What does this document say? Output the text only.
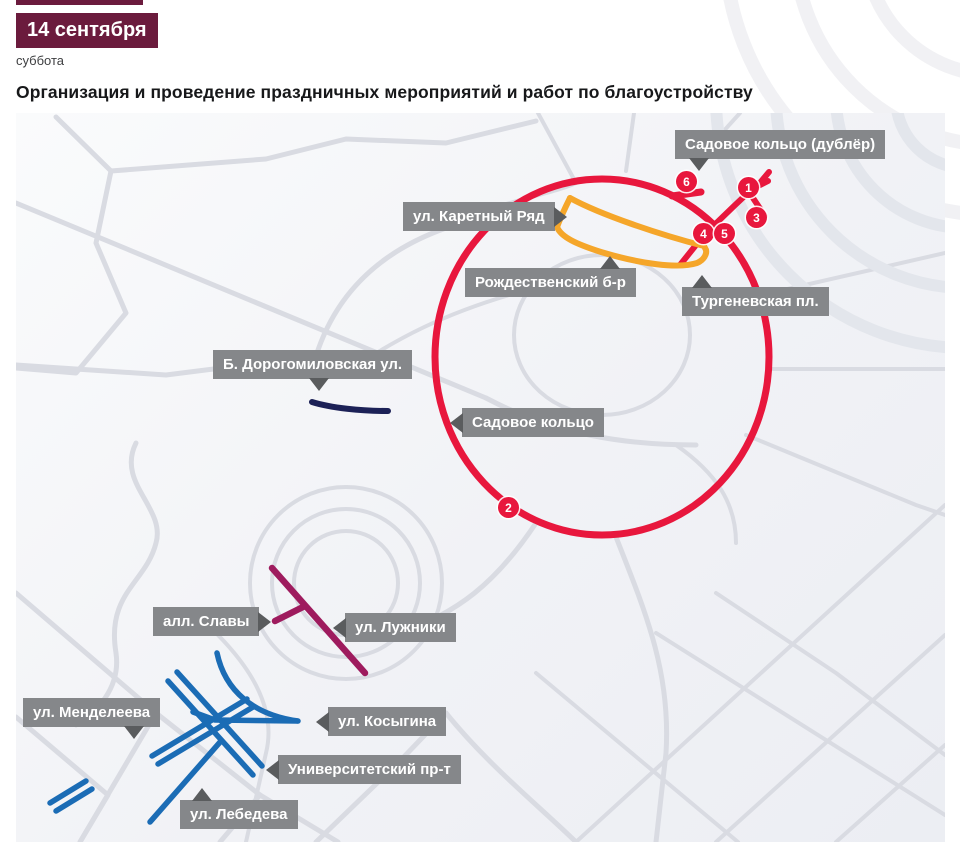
14 сентября
суббота
Организация и проведение праздничных мероприятий и работ по благоустройству
1
2
3
4	5
6
Садовое кольцо (дублёр)
ул. Каретный Ряд
Рождественский б-р
Тургеневская пл.
Б. Дорогомиловская ул.
Садовое кольцо
алл. Славы	ул. Лужники
ул. Менделеева
ул. Косыгина
Университетский пр-т
ул. Лебедева
